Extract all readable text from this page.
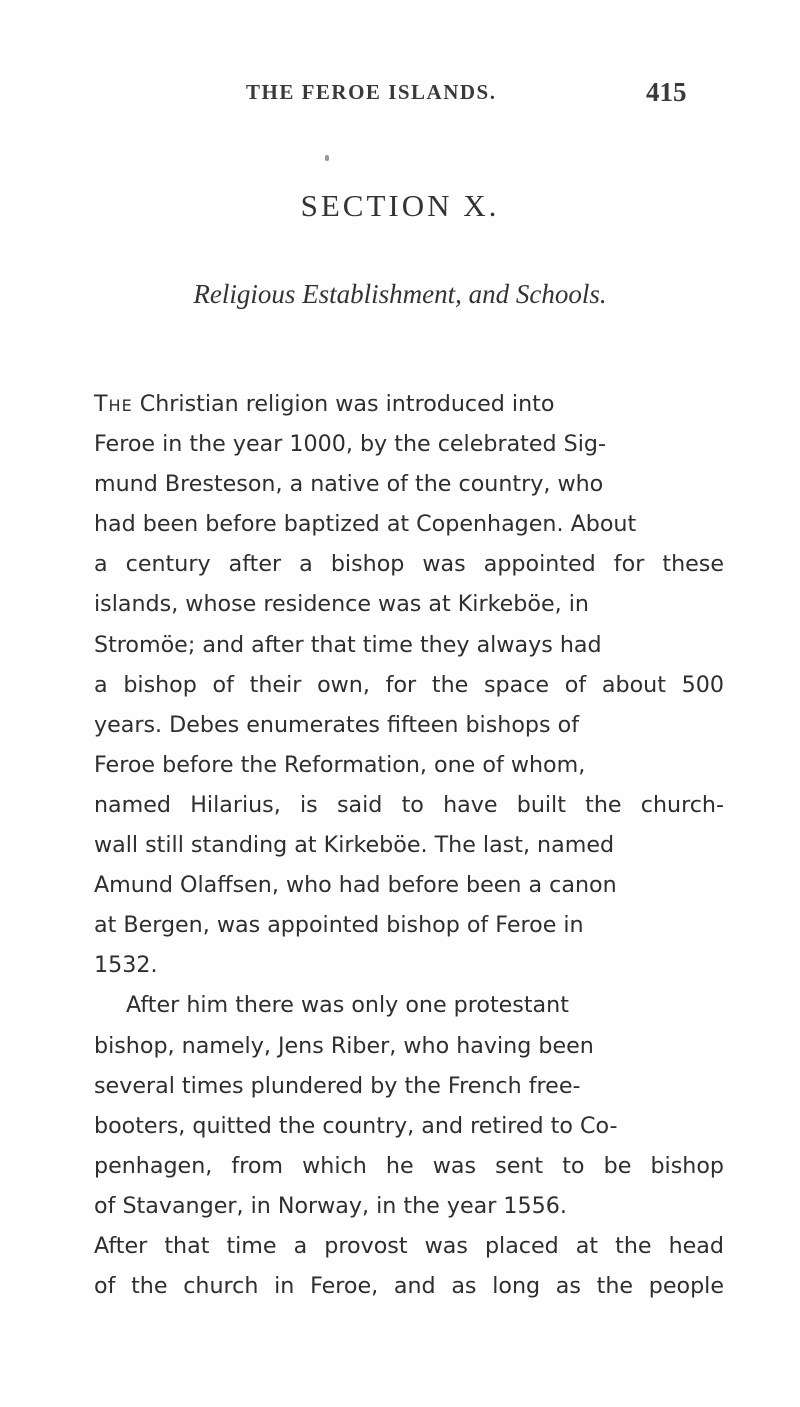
THE FEROE ISLANDS.	415
SECTION X.
Religious Establishment, and Schools.
The Christian religion was introduced into
Feroe in the year 1000, by the celebrated Sig-
mund Bresteson, a native of the country, who
had been before baptized at Copenhagen. About
a century after a bishop was appointed for these
islands, whose residence was at Kirkeböe, in
Stromöe; and after that time they always had
a bishop of their own, for the space of about 500
years. Debes enumerates fifteen bishops of
Feroe before the Reformation, one of whom,
named Hilarius, is said to have built the church-
wall still standing at Kirkeböe. The last, named
Amund Olaffsen, who had before been a canon
at Bergen, was appointed bishop of Feroe in
1532.
After him there was only one protestant
bishop, namely, Jens Riber, who having been
several times plundered by the French free-
booters, quitted the country, and retired to Co-
penhagen, from which he was sent to be bishop
of Stavanger, in Norway, in the year 1556.
After that time a provost was placed at the head
of the church in Feroe, and as long as the people
